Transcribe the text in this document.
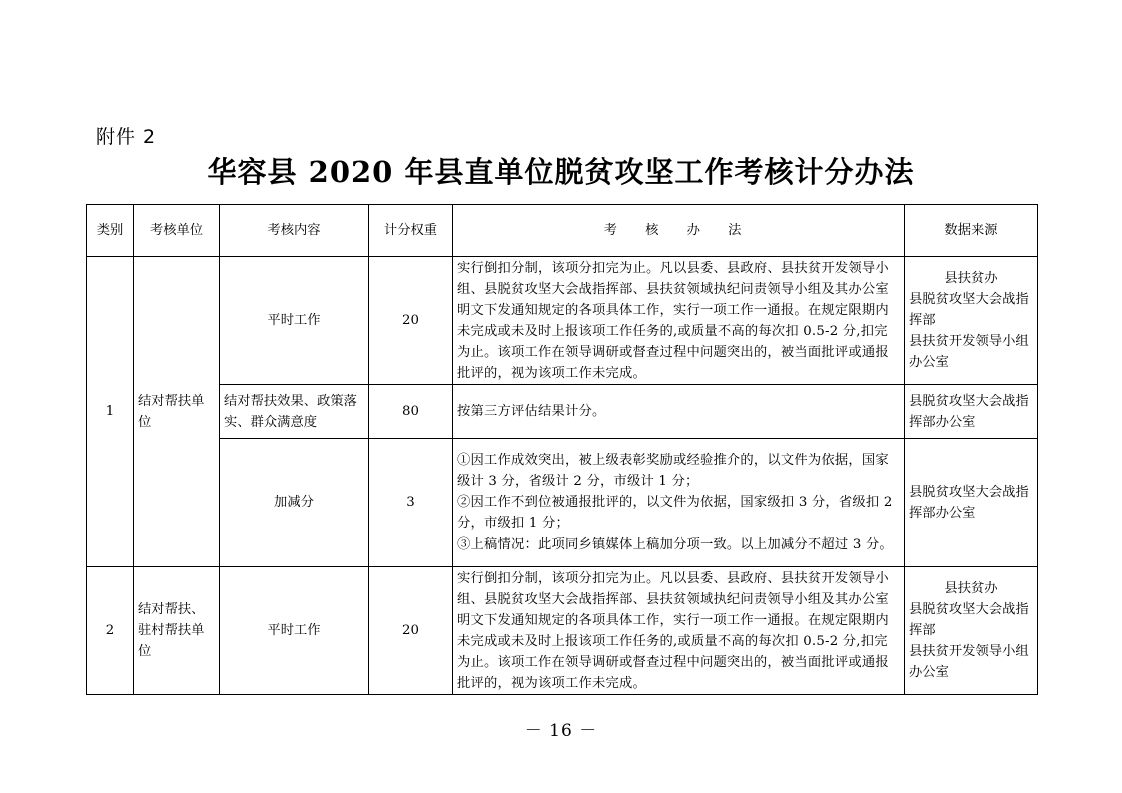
附件 2
华容县 2020 年县直单位脱贫攻坚工作考核计分办法
类别	考核单位	考核内容	计分权重	考 核 办 法	数据来源
1	结对帮扶单位	平时工作	20	实行倒扣分制，该项分扣完为止。凡以县委、县政府、县扶贫开发领导小组、县脱贫攻坚大会战指挥部、县扶贫领域执纪问责领导小组及其办公室明文下发通知规定的各项具体工作，实行一项工作一通报。在规定限期内未完成或未及时上报该项工作任务的,或质量不高的每次扣 0.5-2 分,扣完为止。该项工作在领导调研或督查过程中问题突出的，被当面批评或通报批评的，视为该项工作未完成。	县扶贫办
县脱贫攻坚大会战指挥部
县扶贫开发领导小组办公室

		结对帮扶效果、政策落实、群众满意度	80	按第三方评估结果计分。	县脱贫攻坚大会战指挥部办公室

		加减分	3	①因工作成效突出，被上级表彰奖励或经验推介的，以文件为依据，国家级计 3 分，省级计 2 分，市级计 1 分；
②因工作不到位被通报批评的，以文件为依据，国家级扣 3 分，省级扣 2 分，市级扣 1 分；
③上稿情况：此项同乡镇媒体上稿加分项一致。以上加减分不超过 3 分。	县脱贫攻坚大会战指挥部办公室

2	结对帮扶、驻村帮扶单位	平时工作	20	实行倒扣分制，该项分扣完为止。凡以县委、县政府、县扶贫开发领导小组、县脱贫攻坚大会战指挥部、县扶贫领域执纪问责领导小组及其办公室明文下发通知规定的各项具体工作，实行一项工作一通报。在规定限期内未完成或未及时上报该项工作任务的,或质量不高的每次扣 0.5-2 分,扣完为止。该项工作在领导调研或督查过程中问题突出的，被当面批评或通报批评的，视为该项工作未完成。	县扶贫办
县脱贫攻坚大会战指挥部
县扶贫开发领导小组办公室
－ 16 －
